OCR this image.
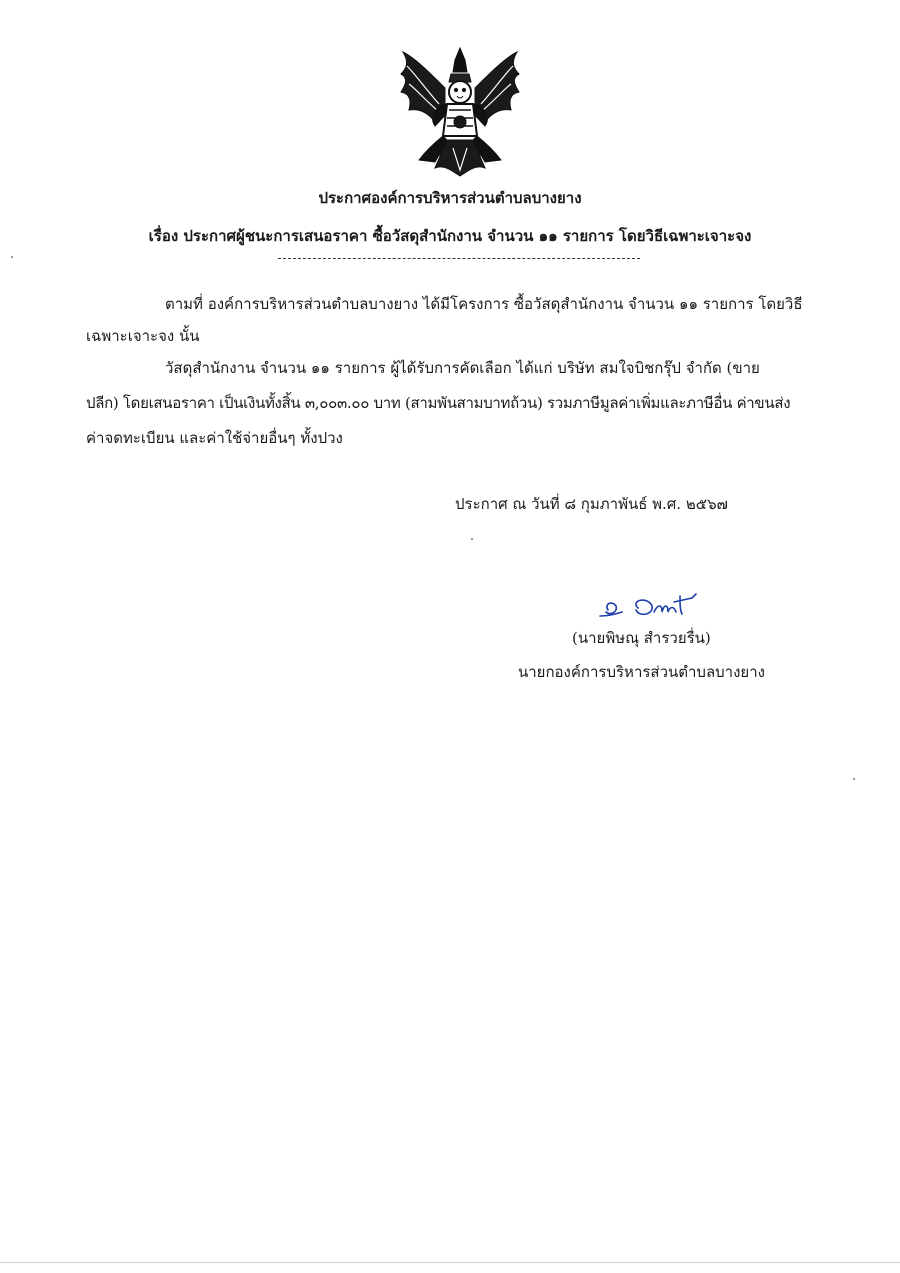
ประกาศองค์การบริหารส่วนตำบลบางยาง
เรื่อง ประกาศผู้ชนะการเสนอราคา ซื้อวัสดุสำนักงาน จำนวน ๑๑ รายการ โดยวิธีเฉพาะเจาะจง
ตามที่ องค์การบริหารส่วนตำบลบางยาง ได้มีโครงการ ซื้อวัสดุสำนักงาน จำนวน ๑๑ รายการ โดยวิธี
เฉพาะเจาะจง นั้น
วัสดุสำนักงาน จำนวน ๑๑ รายการ ผู้ได้รับการคัดเลือก ได้แก่ บริษัท สมใจบิชกรุ๊ป จำกัด (ขาย
ปลีก) โดยเสนอราคา เป็นเงินทั้งสิ้น ๓,๐๐๓.๐๐ บาท (สามพันสามบาทถ้วน) รวมภาษีมูลค่าเพิ่มและภาษีอื่น ค่าขนส่ง
ค่าจดทะเบียน และค่าใช้จ่ายอื่นๆ ทั้งปวง
ประกาศ ณ วันที่ ๘ กุมภาพันธ์ พ.ศ. ๒๕๖๗
(นายพิษณุ สำรวยรื่น)
นายกองค์การบริหารส่วนตำบลบางยาง
